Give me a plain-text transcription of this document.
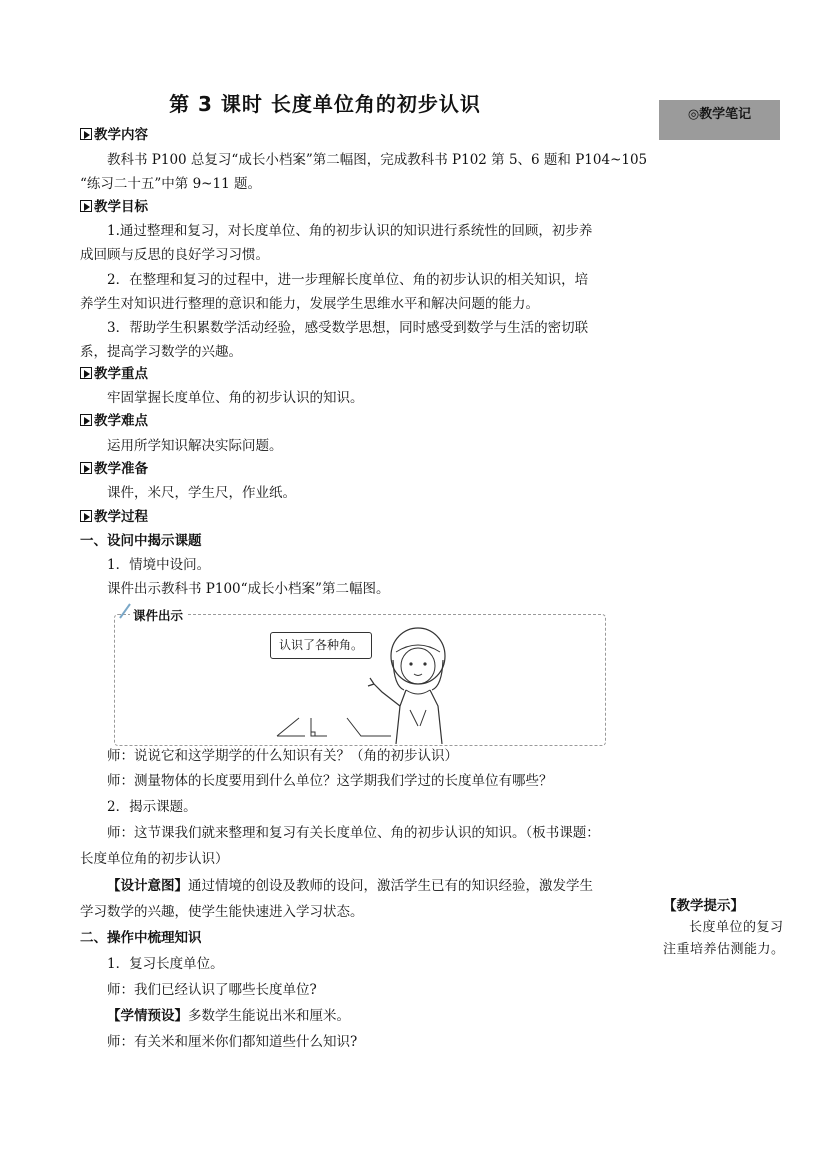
第 3 课时 长度单位角的初步认识	◎教学笔记
教学内容
教科书 P100 总复习“成长小档案”第二幅图，完成教科书 P102 第 5、6 题和 P104~105
“练习二十五”中第 9~11 题。
教学目标
1.通过整理和复习，对长度单位、角的初步认识的知识进行系统性的回顾，初步养
成回顾与反思的良好学习习惯。
2．在整理和复习的过程中，进一步理解长度单位、角的初步认识的相关知识，培
养学生对知识进行整理的意识和能力，发展学生思维水平和解决问题的能力。
3．帮助学生积累数学活动经验，感受数学思想，同时感受到数学与生活的密切联
系，提高学习数学的兴趣。
教学重点
牢固掌握长度单位、角的初步认识的知识。
教学难点
运用所学知识解决实际问题。
教学准备
课件，米尺，学生尺，作业纸。
教学过程
一、设问中揭示课题
1．情境中设问。
课件出示教科书 P100“成长小档案”第二幅图。
课件出示
认识了各种角。
师：说说它和这学期学的什么知识有关？（角的初步认识）
师：测量物体的长度要用到什么单位？这学期我们学过的长度单位有哪些？
2．揭示课题。
师：这节课我们就来整理和复习有关长度单位、角的初步认识的知识。（板书课题：
长度单位角的初步认识）
【设计意图】通过情境的创设及教师的设问，激活学生已有的知识经验，激发学生
学习数学的兴趣，使学生能快速进入学习状态。
二、操作中梳理知识
1．复习长度单位。
师：我们已经认识了哪些长度单位?
【学情预设】多数学生能说出米和厘米。
师：有关米和厘米你们都知道些什么知识?
【教学提示】
长度单位的复习注重培养估测能力。
